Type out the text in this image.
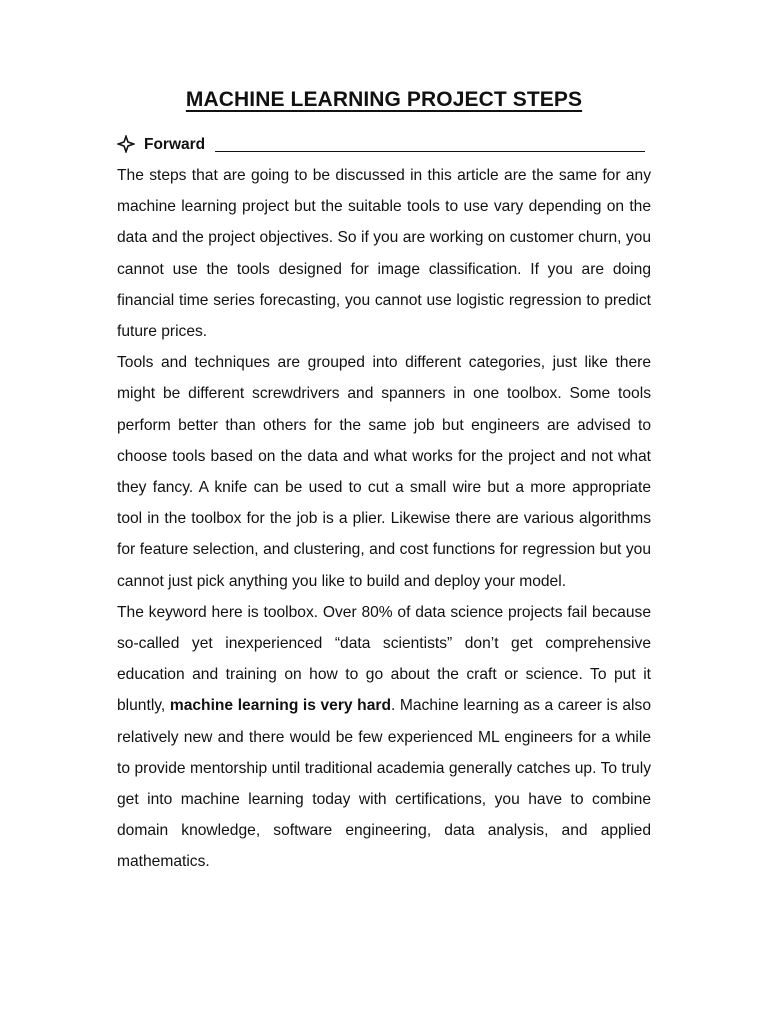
MACHINE LEARNING PROJECT STEPS
Forward

The steps that are going to be discussed in this article are the same for any machine learning project but the suitable tools to use vary depending on the data and the project objectives. So if you are working on customer churn, you cannot use the tools designed for image classification. If you are doing financial time series forecasting, you cannot use logistic regression to predict future prices.

Tools and techniques are grouped into different categories, just like there might be different screwdrivers and spanners in one toolbox. Some tools perform better than others for the same job but engineers are advised to choose tools based on the data and what works for the project and not what they fancy. A knife can be used to cut a small wire but a more appropriate tool in the toolbox for the job is a plier. Likewise there are various algorithms for feature selection, and clustering, and cost functions for regression but you cannot just pick anything you like to build and deploy your model.

The keyword here is toolbox. Over 80% of data science projects fail because so-called yet inexperienced “data scientists” don’t get comprehensive education and training on how to go about the craft or science. To put it bluntly, machine learning is very hard. Machine learning as a career is also relatively new and there would be few experienced ML engineers for a while to provide mentorship until traditional academia generally catches up. To truly get into machine learning today with certifications, you have to combine domain knowledge, software engineering, data analysis, and applied mathematics.
